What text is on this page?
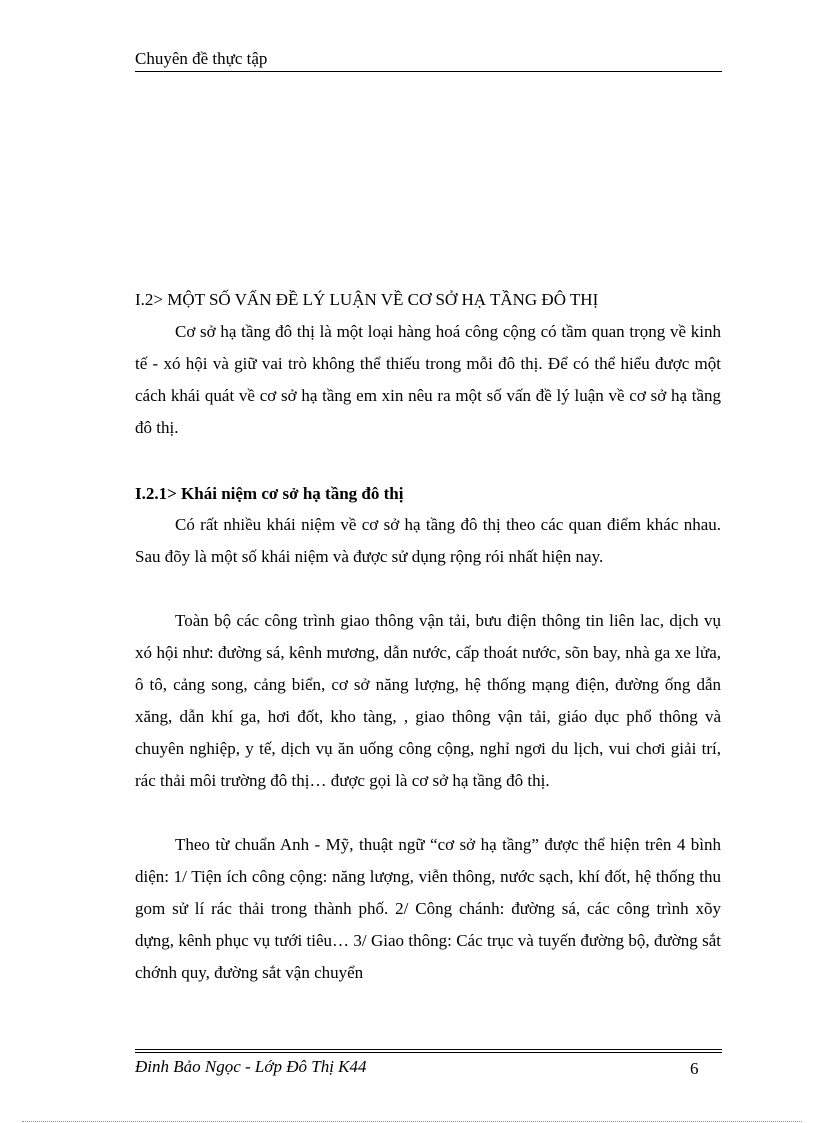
Chuyên đề thực tập
I.2> MỘT SỐ VẤN ĐỀ LÝ LUẬN VỀ CƠ SỞ HẠ TẦNG ĐÔ THỊ

Cơ sở hạ tầng đô thị là một loại hàng hoá công cộng có tầm quan trọng về kinh tế - xó hội và giữ vai trò không thể thiếu trong mỗi đô thị. Để có thể hiểu được một cách khái quát về cơ sở hạ tầng em xin nêu ra một số vấn đề lý luận về cơ sở hạ tầng đô thị.

I.2.1> Khái niệm cơ sở hạ tầng đô thị

Có rất nhiều khái niệm về cơ sở hạ tầng đô thị theo các quan điểm khác nhau. Sau đõy là một số khái niệm và được sử dụng rộng rói nhất hiện nay.

Toàn bộ các công trình giao thông vận tải, bưu điện thông tin liên lac, dịch vụ xó hội như: đường sá, kênh mương, dẫn nước, cấp thoát nước, sõn bay, nhà ga xe lửa, ô tô, cảng song, cảng biển, cơ sở năng lượng, hệ thống mạng điện, đường ống dẫn xăng, dẫn khí ga, hơi đốt, kho tàng, , giao thông vận tải, giáo dục phổ thông và chuyên nghiệp, y tế, dịch vụ ăn uống công cộng, nghỉ ngơi du lịch, vui chơi giải trí, rác thải môi trường đô thị… được gọi là cơ sở hạ tầng đô thị.

Theo từ chuẩn Anh - Mỹ, thuật ngữ “cơ sở hạ tầng” được thể hiện trên 4 bình diện: 1/ Tiện ích công cộng: năng lượng, viễn thông, nước sạch, khí đốt, hệ thống thu gom sử lí rác thải trong thành phố. 2/ Công chánh: đường sá, các công trình xõy dựng, kênh phục vụ tưới tiêu… 3/ Giao thông: Các trục và tuyến đường bộ, đường sắt chớnh quy, đường sắt vận chuyển

Đinh Bảo Ngọc - Lớp Đô Thị K44	6
